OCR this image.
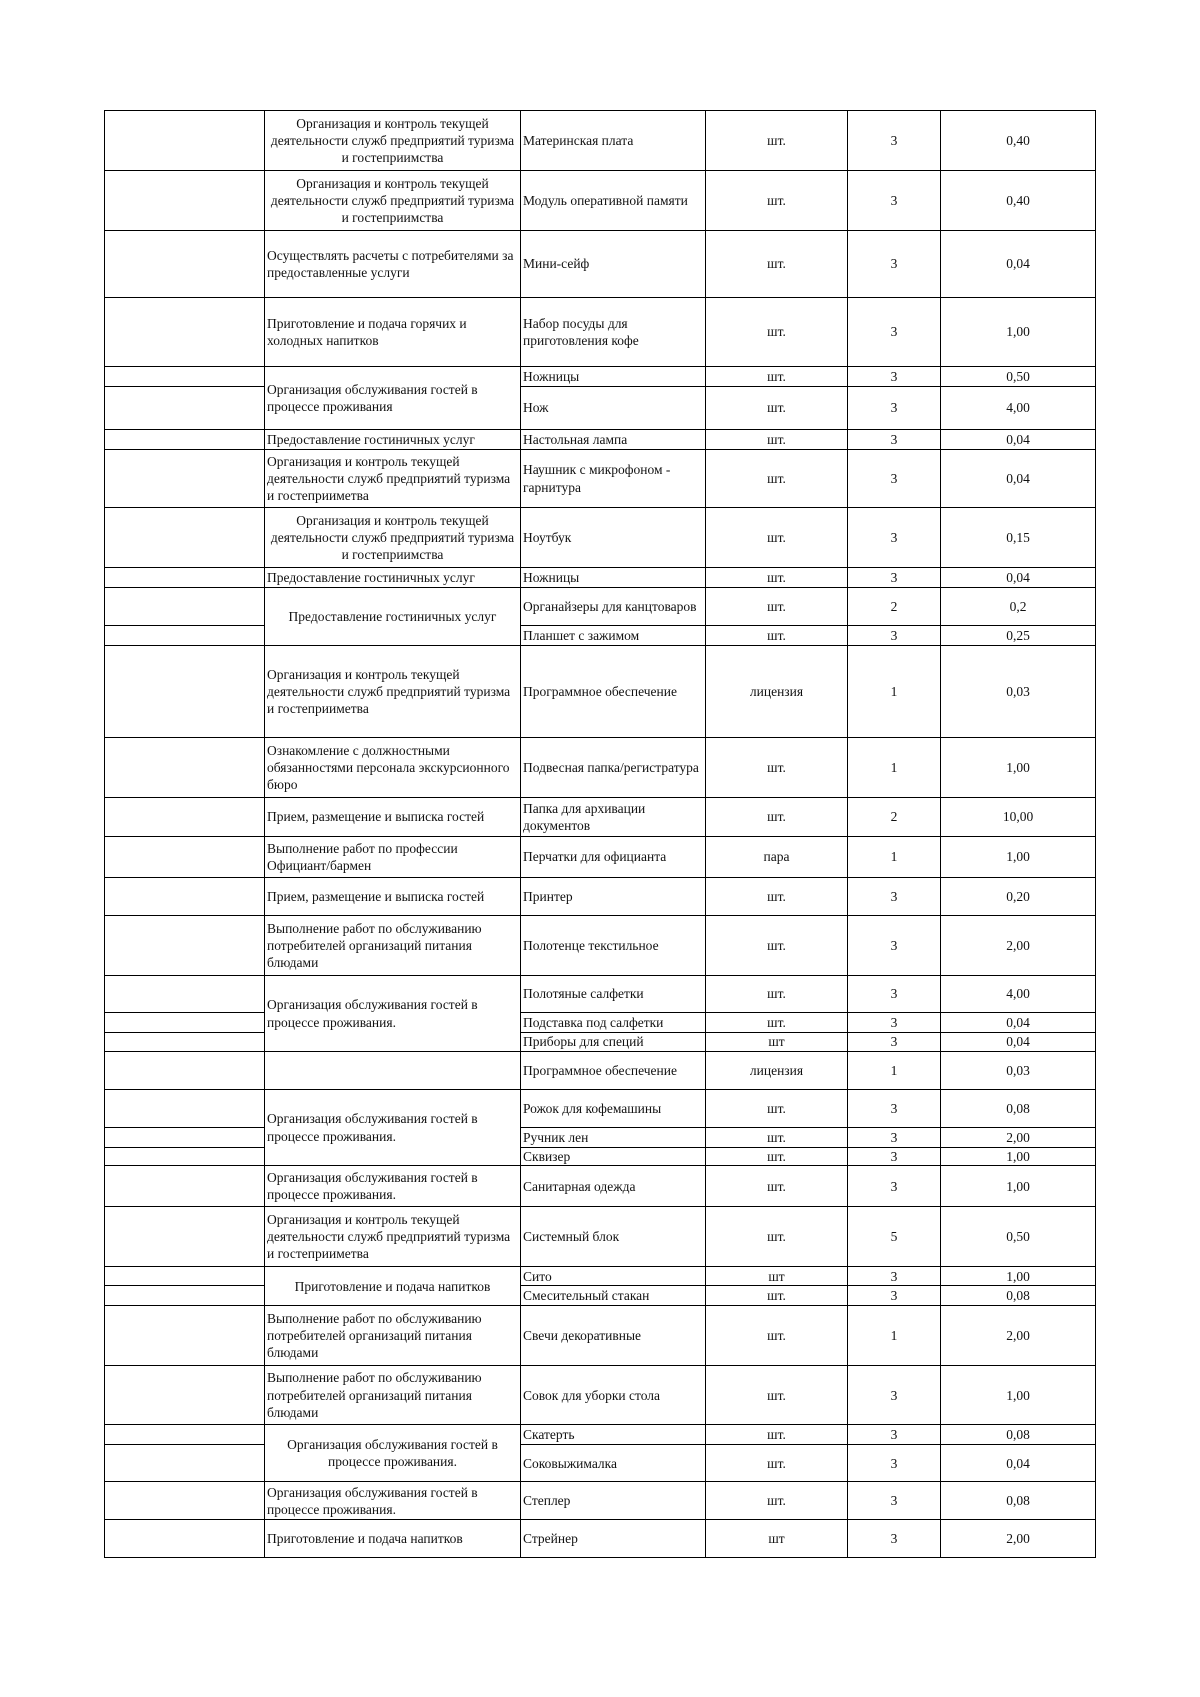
	Организация и контроль текущей деятельности служб предприятий туризма и гостеприимства	Материнская плата	шт.	3	0,40
	Организация и контроль текущей деятельности служб предприятий туризма и гостеприимства	Модуль оперативной памяти	шт.	3	0,40
	Осуществлять расчеты с потребителями за предоставленные услуги	Мини-сейф	шт.	3	0,04
	Приготовление и подача горячих и холодных напитков	Набор посуды для приготовления кофе	шт.	3	1,00
	Организация обслуживания гостей в процессе проживания	Ножницы	шт.	3	0,50
		Нож	шт.	3	4,00
	Предоставление гостиничных услуг	Настольная лампа	шт.	3	0,04
	Организация и контроль текущей деятельности служб предприятий туризма и гостеприиметва	Наушник с микрофоном - гарнитура	шт.	3	0,04
	Организация и контроль текущей деятельности служб предприятий туризма и гостеприимства	Ноутбук	шт.	3	0,15
	Предоставление гостиничных услуг	Ножницы	шт.	3	0,04
	Предоставление гостиничных услуг	Органайзеры для канцтоваров	шт.	2	0,2
		Планшет с зажимом	шт.	3	0,25
	Организация и контроль текущей деятельности служб предприятий туризма и гостеприиметва	Программное обеспечение	лицензия	1	0,03
	Ознакомление с должностными обязанностями персонала экскурсионного бюро	Подвесная папка/регистратура	шт.	1	1,00
	Прием, размещение и выписка гостей	Папка для архивации документов	шт.	2	10,00
	Выполнение работ по профессии Официант/бармен	Перчатки для официанта	пара	1	1,00
	Прием, размещение и выписка гостей	Принтер	шт.	3	0,20
	Выполнение работ по обслуживанию потребителей организаций питания блюдами	Полотенце текстильное	шт.	3	2,00
	Организация обслуживания гостей в процессе проживания.	Полотяные салфетки	шт.	3	4,00
		Подставка под салфетки	шт.	3	0,04
		Приборы для специй	шт	3	0,04
		Программное обеспечение	лицензия	1	0,03
	Организация обслуживания гостей в процессе проживания.	Рожок для кофемашины	шт.	3	0,08
		Ручник лен	шт.	3	2,00
		Сквизер	шт.	3	1,00
	Организация обслуживания гостей в процессе проживания.	Санитарная одежда	шт.	3	1,00
	Организация и контроль текущей деятельности служб предприятий туризма и гостеприиметва	Системный блок	шт.	5	0,50
	Приготовление и подача напитков	Сито	шт	3	1,00
		Смесительный стакан	шт.	3	0,08
	Выполнение работ по обслуживанию потребителей организаций питания блюдами	Свечи декоративные	шт.	1	2,00
	Выполнение работ по обслуживанию потребителей организаций питания блюдами	Совок для уборки стола	шт.	3	1,00
	Организация обслуживания гостей в процессе проживания.	Скатерть	шт.	3	0,08
		Соковыжималка	шт.	3	0,04
	Организация обслуживания гостей в процессе проживания.	Степлер	шт.	3	0,08
	Приготовление и подача напитков	Стрейнер	шт	3	2,00
